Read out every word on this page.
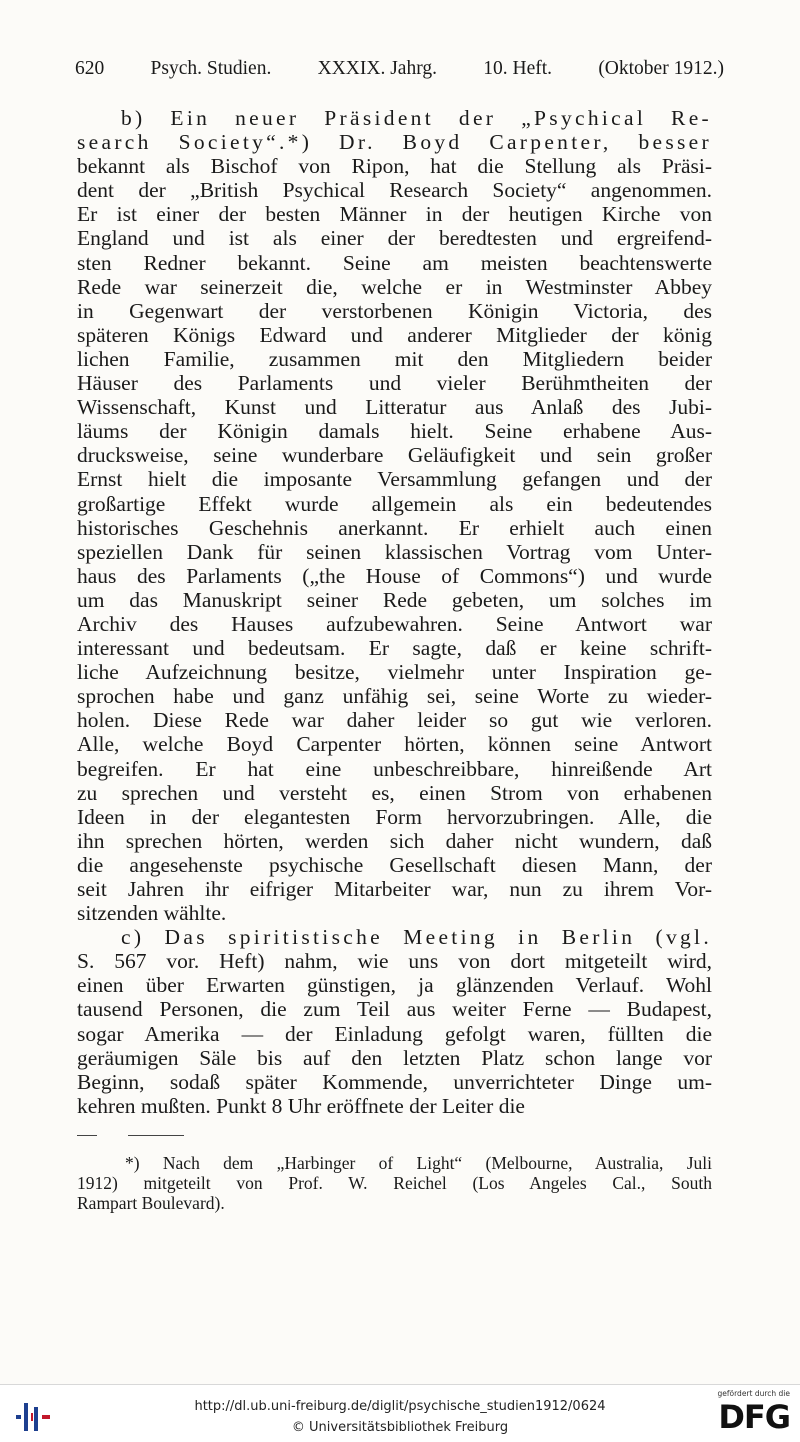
620 Psych. Studien. XXXIX. Jahrg. 10. Heft. (Oktober 1912.)
b) Ein neuer Präsident der „Psychical Re-
search Society“.*) Dr. Boyd Carpenter, besser
bekannt als Bischof von Ripon, hat die Stellung als Präsi-
dent der „British Psychical Research Society“ angenommen.
Er ist einer der besten Männer in der heutigen Kirche von
England und ist als einer der beredtesten und ergreifend-
sten Redner bekannt. Seine am meisten beachtenswerte
Rede war seinerzeit die, welche er in Westminster Abbey
in Gegenwart der verstorbenen Königin Victoria, des
späteren Königs Edward und anderer Mitglieder der könig
lichen Familie, zusammen mit den Mitgliedern beider
Häuser des Parlaments und vieler Berühmtheiten der
Wissenschaft, Kunst und Litteratur aus Anlaß des Jubi-
läums der Königin damals hielt. Seine erhabene Aus-
drucksweise, seine wunderbare Geläufigkeit und sein großer
Ernst hielt die imposante Versammlung gefangen und der
großartige Effekt wurde allgemein als ein bedeutendes
historisches Geschehnis anerkannt. Er erhielt auch einen
speziellen Dank für seinen klassischen Vortrag vom Unter-
haus des Parlaments („the House of Commons“) und wurde
um das Manuskript seiner Rede gebeten, um solches im
Archiv des Hauses aufzubewahren. Seine Antwort war
interessant und bedeutsam. Er sagte, daß er keine schrift-
liche Aufzeichnung besitze, vielmehr unter Inspiration ge-
sprochen habe und ganz unfähig sei, seine Worte zu wieder-
holen. Diese Rede war daher leider so gut wie verloren.
Alle, welche Boyd Carpenter hörten, können seine Antwort
begreifen. Er hat eine unbeschreibbare, hinreißende Art
zu sprechen und versteht es, einen Strom von erhabenen
Ideen in der elegantesten Form hervorzubringen. Alle, die
ihn sprechen hörten, werden sich daher nicht wundern, daß
die angesehenste psychische Gesellschaft diesen Mann, der
seit Jahren ihr eifriger Mitarbeiter war, nun zu ihrem Vor-
sitzenden wählte.
c) Das spiritistische Meeting in Berlin (vgl.
S. 567 vor. Heft) nahm, wie uns von dort mitgeteilt wird,
einen über Erwarten günstigen, ja glänzenden Verlauf. Wohl
tausend Personen, die zum Teil aus weiter Ferne — Budapest,
sogar Amerika — der Einladung gefolgt waren, füllten die
geräumigen Säle bis auf den letzten Platz schon lange vor
Beginn, sodaß später Kommende, unverrichteter Dinge um-
kehren mußten. Punkt 8 Uhr eröffnete der Leiter die
*) Nach dem „Harbinger of Light“ (Melbourne, Australia, Juli
1912) mitgeteilt von Prof. W. Reichel (Los Angeles Cal., South
Rampart Boulevard).
http://dl.ub.uni-freiburg.de/diglit/psychische_studien1912/0624
© Universitätsbibliothek Freiburg
gefördert durch die
DFG
